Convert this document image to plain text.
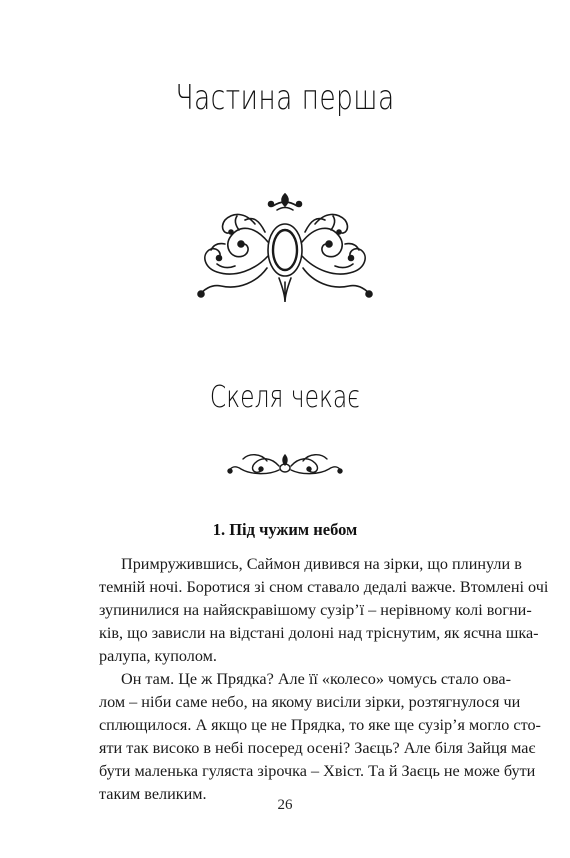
Частина перша
Скеля чекає
1. Під чужим небом
Примружившись, Саймон дивився на зірки, що плинули в
темній ночі. Боротися зі сном ставало дедалі важче. Втомлені очі
зупинилися на найяскравішому сузір’ї – нерівному колі вогни-
ків, що зависли на відстані долоні над тріснутим, як ясчна шка-
ралупа, куполом.
Он там. Це ж Прядка? Але її «колесо» чомусь стало ова-
лом – ніби саме небо, на якому висіли зірки, розтягнулося чи
сплющилося. А якщо це не Прядка, то яке ще сузір’я могло сто-
яти так високо в небі посеред осені? Заєць? Але біля Зайця має
бути маленька гуляста зірочка – Хвіст. Та й Заєць не може бути
таким великим.
26
